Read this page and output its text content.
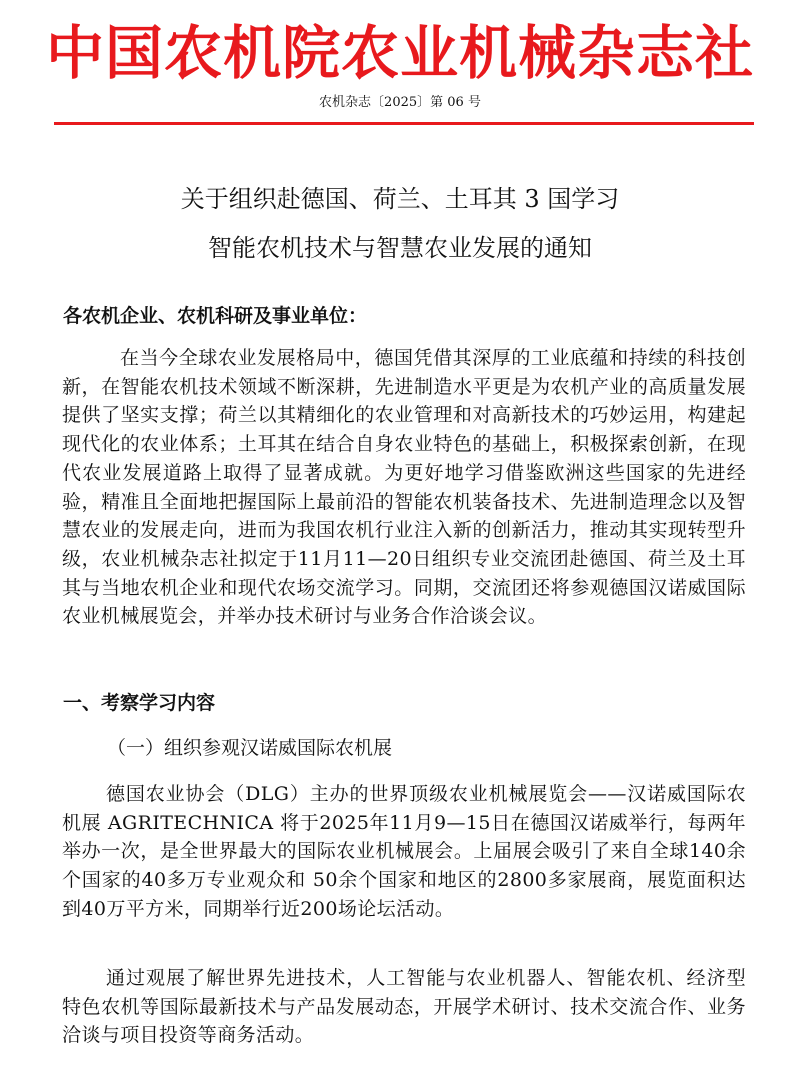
中国农机院农业机械杂志社
农机杂志〔2025〕第 06 号
关于组织赴德国、荷兰、土耳其 3 国学习
智能农机技术与智慧农业发展的通知
各农机企业、农机科研及事业单位：

在当今全球农业发展格局中，德国凭借其深厚的工业底蕴和持续的科技创新，在智能农机技术领域不断深耕，先进制造水平更是为农机产业的高质量发展提供了坚实支撑；荷兰以其精细化的农业管理和对高新技术的巧妙运用，构建起现代化的农业体系；土耳其在结合自身农业特色的基础上，积极探索创新，在现代农业发展道路上取得了显著成就。为更好地学习借鉴欧洲这些国家的先进经验，精准且全面地把握国际上最前沿的智能农机装备技术、先进制造理念以及智慧农业的发展走向，进而为我国农机行业注入新的创新活力，推动其实现转型升级，农业机械杂志社拟定于11月11—20日组织专业交流团赴德国、荷兰及土耳其与当地农机企业和现代农场交流学习。同期，交流团还将参观德国汉诺威国际农业机械展览会，并举办技术研讨与业务合作洽谈会议。

一、考察学习内容
（一）组织参观汉诺威国际农机展

德国农业协会（DLG）主办的世界顶级农业机械展览会——汉诺威国际农机展 AGRITECHNICA 将于2025年11月9—15日在德国汉诺威举行，每两年举办一次，是全世界最大的国际农业机械展会。上届展会吸引了来自全球140余个国家的40多万专业观众和 50余个国家和地区的2800多家展商，展览面积达到40万平方米，同期举行近200场论坛活动。

通过观展了解世界先进技术，人工智能与农业机器人、智能农机、经济型特色农机等国际最新技术与产品发展动态，开展学术研讨、技术交流合作、业务洽谈与项目投资等商务活动。
